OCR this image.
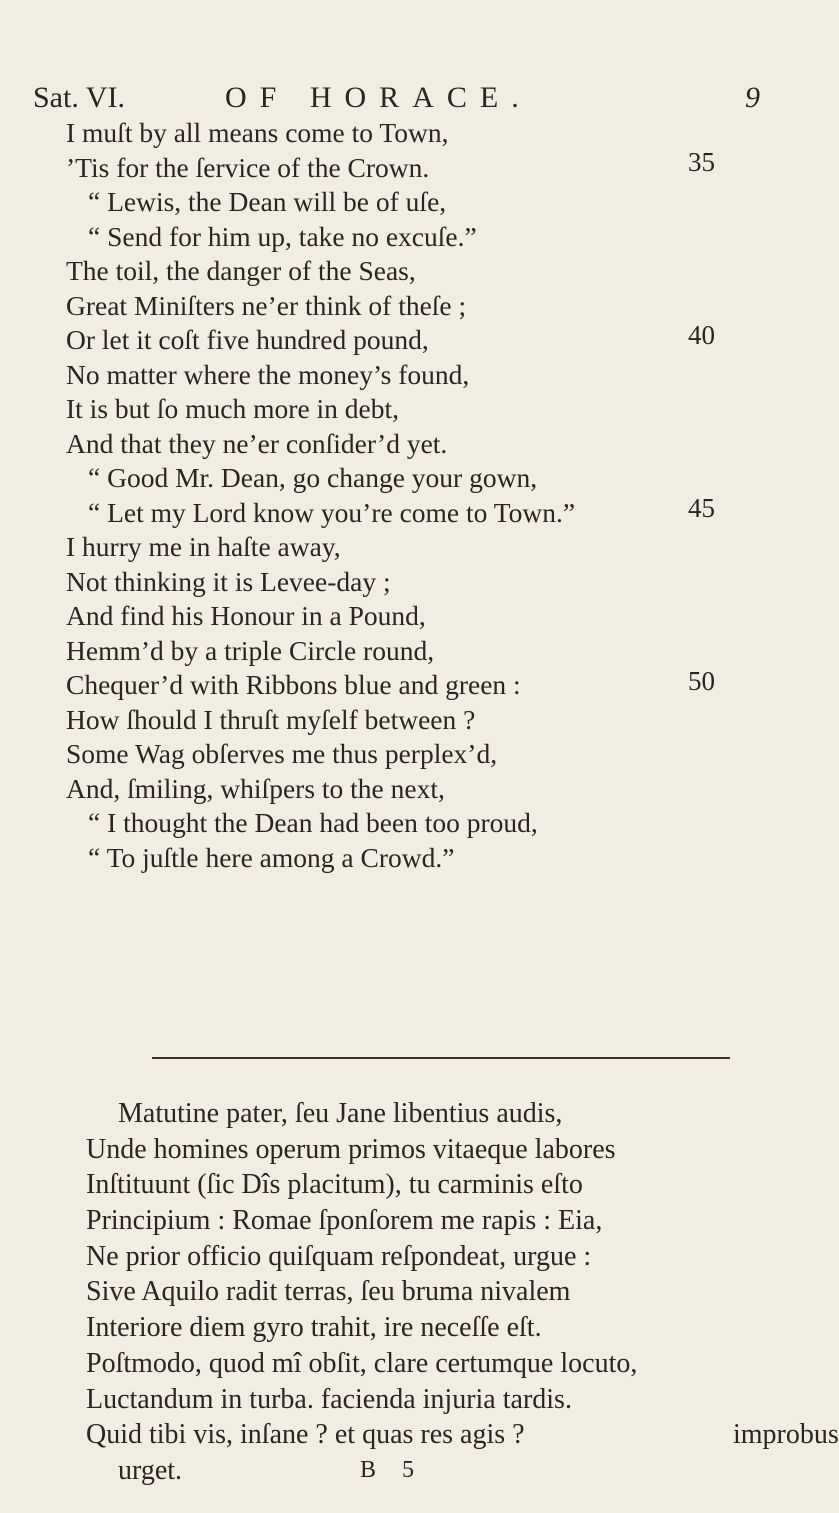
Sat. VI.	OF HORACE.	9
I muſt by all means come to Town,
’Tis for the ſervice of the Crown.
“ Lewis, the Dean will be of uſe,
“ Send for him up, take no excuſe.”
The toil, the danger of the Seas,
Great Miniſters ne’er think of theſe ;
Or let it coſt five hundred pound,
No matter where the money’s found,
It is but ſo much more in debt,
And that they ne’er conſider’d yet.
“ Good Mr. Dean, go change your gown,
“ Let my Lord know you’re come to Town.”
I hurry me in haſte away,
Not thinking it is Levee-day ;
And find his Honour in a Pound,
Hemm’d by a triple Circle round,
Chequer’d with Ribbons blue and green :
How ſhould I thruſt myſelf between ?
Some Wag obſerves me thus perplex’d,
And, ſmiling, whiſpers to the next,
“ I thought the Dean had been too proud,
“ To juſtle here among a Crowd.”
35
40
45
50
Matutine pater, ſeu Jane libentius audis,
Unde homines operum primos vitaeque labores
Inſtituunt (ſic Dîs placitum), tu carminis eſto
Principium : Romae ſponſorem me rapis : Eia,
Ne prior officio quiſquam reſpondeat, urgue :
Sive Aquilo radit terras, ſeu bruma nivalem
Interiore diem gyro trahit, ire neceſſe eſt.
Poſtmodo, quod mî obſit, clare certumque locuto,
Luctandum in turba. facienda injuria tardis.
Quid tibi vis, inſane ? et quas res agis ?	improbus
urget.	B 5
